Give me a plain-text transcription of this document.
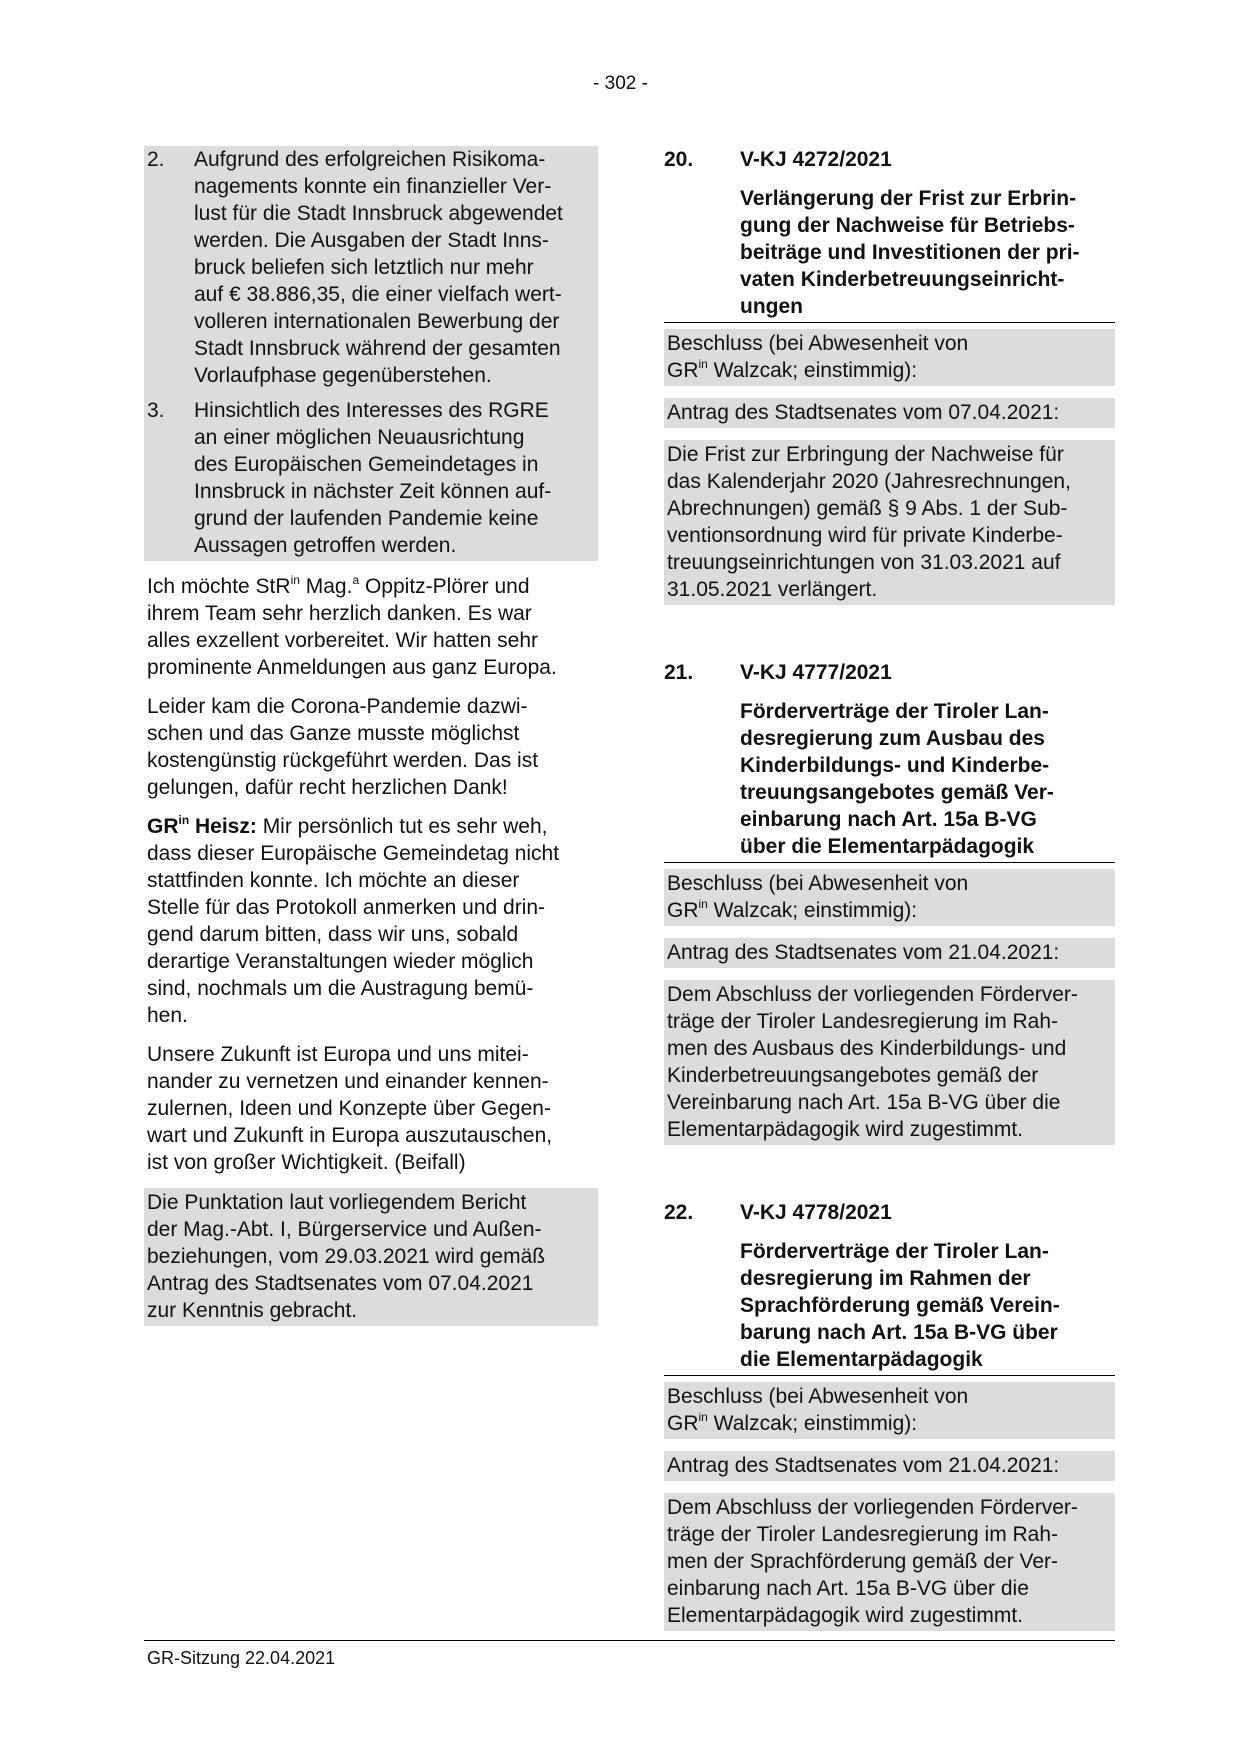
- 302 -
2.	Aufgrund des erfolgreichen Risikoma-
nagements konnte ein finanzieller Ver-
lust für die Stadt Innsbruck abgewendet
werden. Die Ausgaben der Stadt Inns-
bruck beliefen sich letztlich nur mehr
auf € 38.886,35, die einer vielfach wert-
volleren internationalen Bewerbung der
Stadt Innsbruck während der gesamten
Vorlaufphase gegenüberstehen.
3.	Hinsichtlich des Interesses des RGRE
an einer möglichen Neuausrichtung
des Europäischen Gemeindetages in
Innsbruck in nächster Zeit können auf-
grund der laufenden Pandemie keine
Aussagen getroffen werden.

Ich möchte StR$^{in}$ Mag.$^a$ Oppitz-Plörer und
ihrem Team sehr herzlich danken. Es war
alles exzellent vorbereitet. Wir hatten sehr
prominente Anmeldungen aus ganz Europa.

Leider kam die Corona-Pandemie dazwi-
schen und das Ganze musste möglichst
kostengünstig rückgeführt werden. Das ist
gelungen, dafür recht herzlichen Dank!

$GR^{in}$ Heisz: Mir persönlich tut es sehr weh,
dass dieser Europäische Gemeindetag nicht
stattfinden konnte. Ich möchte an dieser
Stelle für das Protokoll anmerken und drin-
gend darum bitten, dass wir uns, sobald
derartige Veranstaltungen wieder möglich
sind, nochmals um die Austragung bemü-
hen.

Unsere Zukunft ist Europa und uns mitei-
nander zu vernetzen und einander kennen-
zulernen, Ideen und Konzepte über Gegen-
wart und Zukunft in Europa auszutauschen,
ist von großer Wichtigkeit. (Beifall)

Die Punktation laut vorliegendem Bericht
der Mag.-Abt. I, Bürgerservice und Außen-
beziehungen, vom 29.03.2021 wird gemäß
Antrag des Stadtsenates vom 07.04.2021
zur Kenntnis gebracht.
20.	V-KJ 4272/2021
Verlängerung der Frist zur Erbrin-
gung der Nachweise für Betriebs-
beiträge und Investitionen der pri-
vaten Kinderbetreuungseinricht-
ungen
Beschluss (bei Abwesenheit von
$GR^{in}$ Walzcak; einstimmig):
Antrag des Stadtsenates vom 07.04.2021:
Die Frist zur Erbringung der Nachweise für
das Kalenderjahr 2020 (Jahresrechnungen,
Abrechnungen) gemäß § 9 Abs. 1 der Sub-
ventionsordnung wird für private Kinderbe-
treuungseinrichtungen von 31.03.2021 auf
31.05.2021 verlängert.
21.	V-KJ 4777/2021
Förderverträge der Tiroler Lan-
desregierung zum Ausbau des
Kinderbildungs- und Kinderbe-
treuungsangebotes gemäß Ver-
einbarung nach Art. 15a B-VG
über die Elementarpädagogik
Beschluss (bei Abwesenheit von
$GR^{in}$ Walzcak; einstimmig):
Antrag des Stadtsenates vom 21.04.2021:
Dem Abschluss der vorliegenden Förderver-
träge der Tiroler Landesregierung im Rah-
men des Ausbaus des Kinderbildungs- und
Kinderbetreuungsangebotes gemäß der
Vereinbarung nach Art. 15a B-VG über die
Elementarpädagogik wird zugestimmt.
22.	V-KJ 4778/2021
Förderverträge der Tiroler Lan-
desregierung im Rahmen der
Sprachförderung gemäß Verein-
barung nach Art. 15a B-VG über
die Elementarpädagogik
Beschluss (bei Abwesenheit von
$GR^{in}$ Walzcak; einstimmig):
Antrag des Stadtsenates vom 21.04.2021:
Dem Abschluss der vorliegenden Förderver-
träge der Tiroler Landesregierung im Rah-
men der Sprachförderung gemäß der Ver-
einbarung nach Art. 15a B-VG über die
Elementarpädagogik wird zugestimmt.
GR-Sitzung 22.04.2021
